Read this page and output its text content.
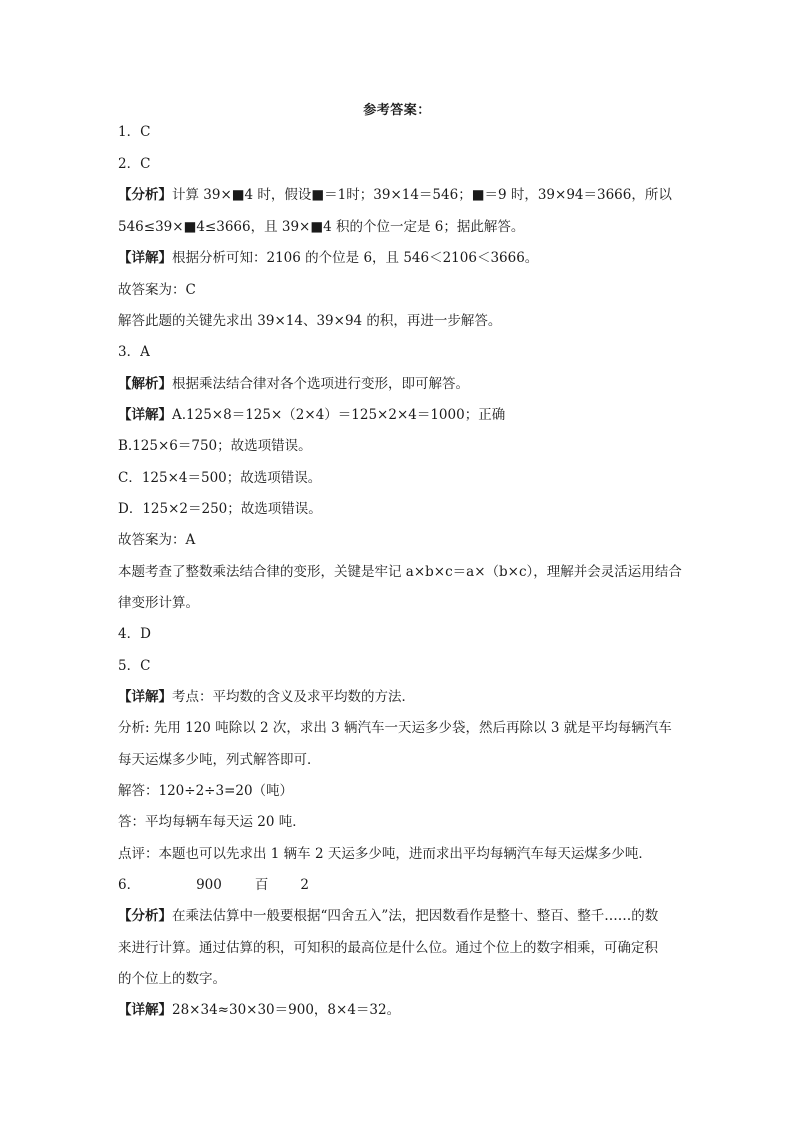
参考答案：
1．C
2．C
【分析】计算 39×■4 时，假设■＝1时；39×14＝546；■＝9 时，39×94＝3666，所以
546≤39×■4≤3666，且 39×■4 积的个位一定是 6；据此解答。
【详解】根据分析可知：2106 的个位是 6，且 546＜2106＜3666。
故答案为：C
解答此题的关键先求出 39×14、39×94 的积，再进一步解答。
3．A
【解析】根据乘法结合律对各个选项进行变形，即可解答。
【详解】A.125×8＝125×（2×4）＝125×2×4＝1000；正确
B.125×6＝750；故选项错误。
C．125×4＝500；故选项错误。
D．125×2＝250；故选项错误。
故答案为：A
本题考查了整数乘法结合律的变形，关键是牢记 a×b×c＝a×（b×c），理解并会灵活运用结合
律变形计算。
4．D
5．C
【详解】考点：平均数的含义及求平均数的方法．
分析: 先用 120 吨除以 2 次，求出 3 辆汽车一天运多少袋，然后再除以 3 就是平均每辆汽车
每天运煤多少吨，列式解答即可．
解答：120÷2÷3=20（吨）
答：平均每辆车每天运 20 吨．
点评：本题也可以先求出 1 辆车 2 天运多少吨，进而求出平均每辆汽车每天运煤多少吨．
6．	900 百 2
【分析】在乘法估算中一般要根据“四舍五入”法，把因数看作是整十、整百、整千……的数
来进行计算。通过估算的积，可知积的最高位是什么位。通过个位上的数字相乘，可确定积
的个位上的数字。
【详解】28×34≈30×30＝900，8×4＝32。
